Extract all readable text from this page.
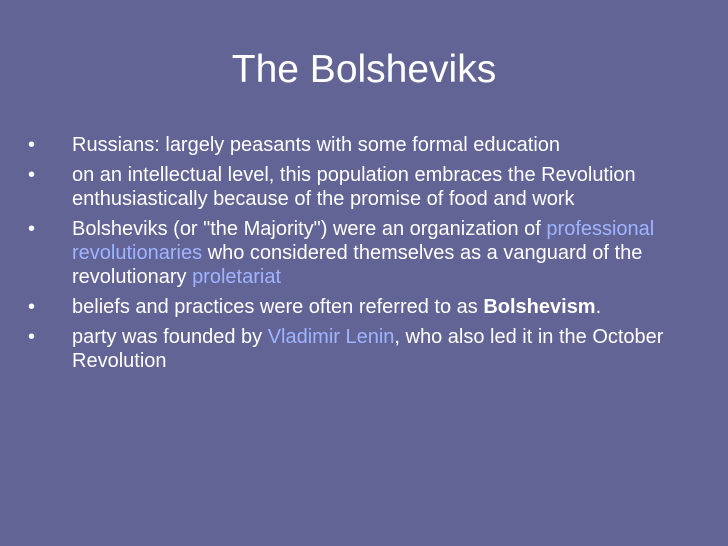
The Bolsheviks
•	Russians: largely peasants with some formal education
•	on an intellectual level, this population embraces the Revolution enthusiastically because of the promise of food and work
•	Bolsheviks (or "the Majority") were an organization of professional revolutionaries who considered themselves as a vanguard of the revolutionary proletariat
•	beliefs and practices were often referred to as Bolshevism.
•	party was founded by Vladimir Lenin, who also led it in the October Revolution
